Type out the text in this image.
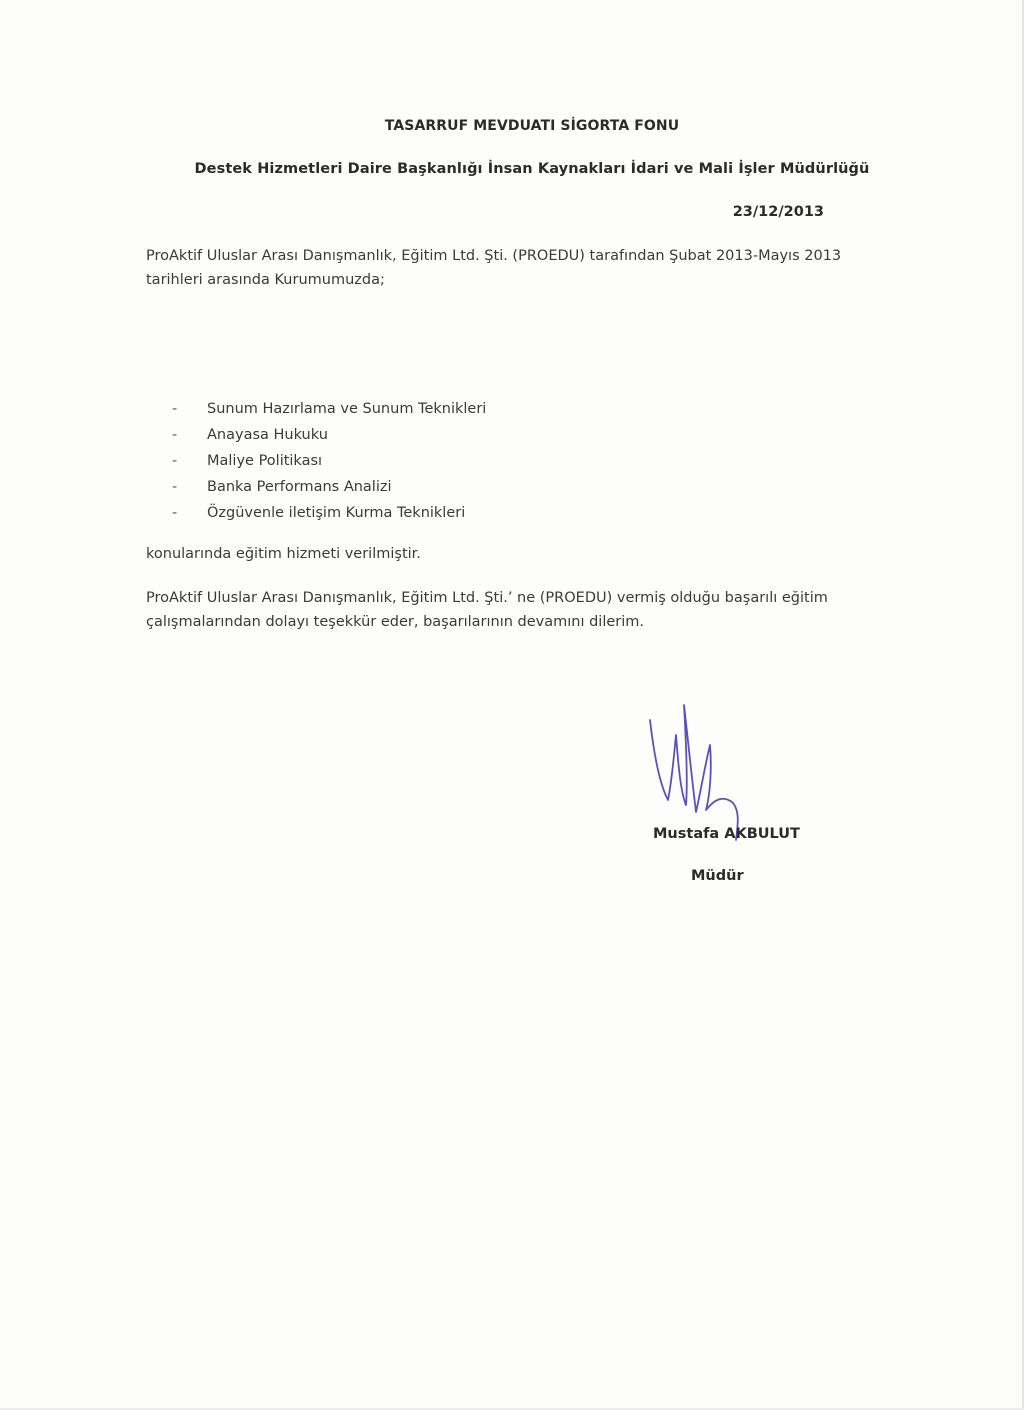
TASARRUF MEVDUATI SİGORTA FONU
Destek Hizmetleri Daire Başkanlığı İnsan Kaynakları İdari ve Mali İşler Müdürlüğü
23/12/2013
ProAktif Uluslar Arası Danışmanlık, Eğitim Ltd. Şti. (PROEDU) tarafından Şubat 2013-Mayıs 2013
tarihleri arasında Kurumumuzda;
- Sunum Hazırlama ve Sunum Teknikleri
- Anayasa Hukuku
- Maliye Politikası
- Banka Performans Analizi
- Özgüvenle iletişim Kurma Teknikleri
konularında eğitim hizmeti verilmiştir.
ProAktif Uluslar Arası Danışmanlık, Eğitim Ltd. Şti.’ ne (PROEDU) vermiş olduğu başarılı eğitim
çalışmalarından dolayı teşekkür eder, başarılarının devamını dilerim.
Mustafa AKBULUT
Müdür
